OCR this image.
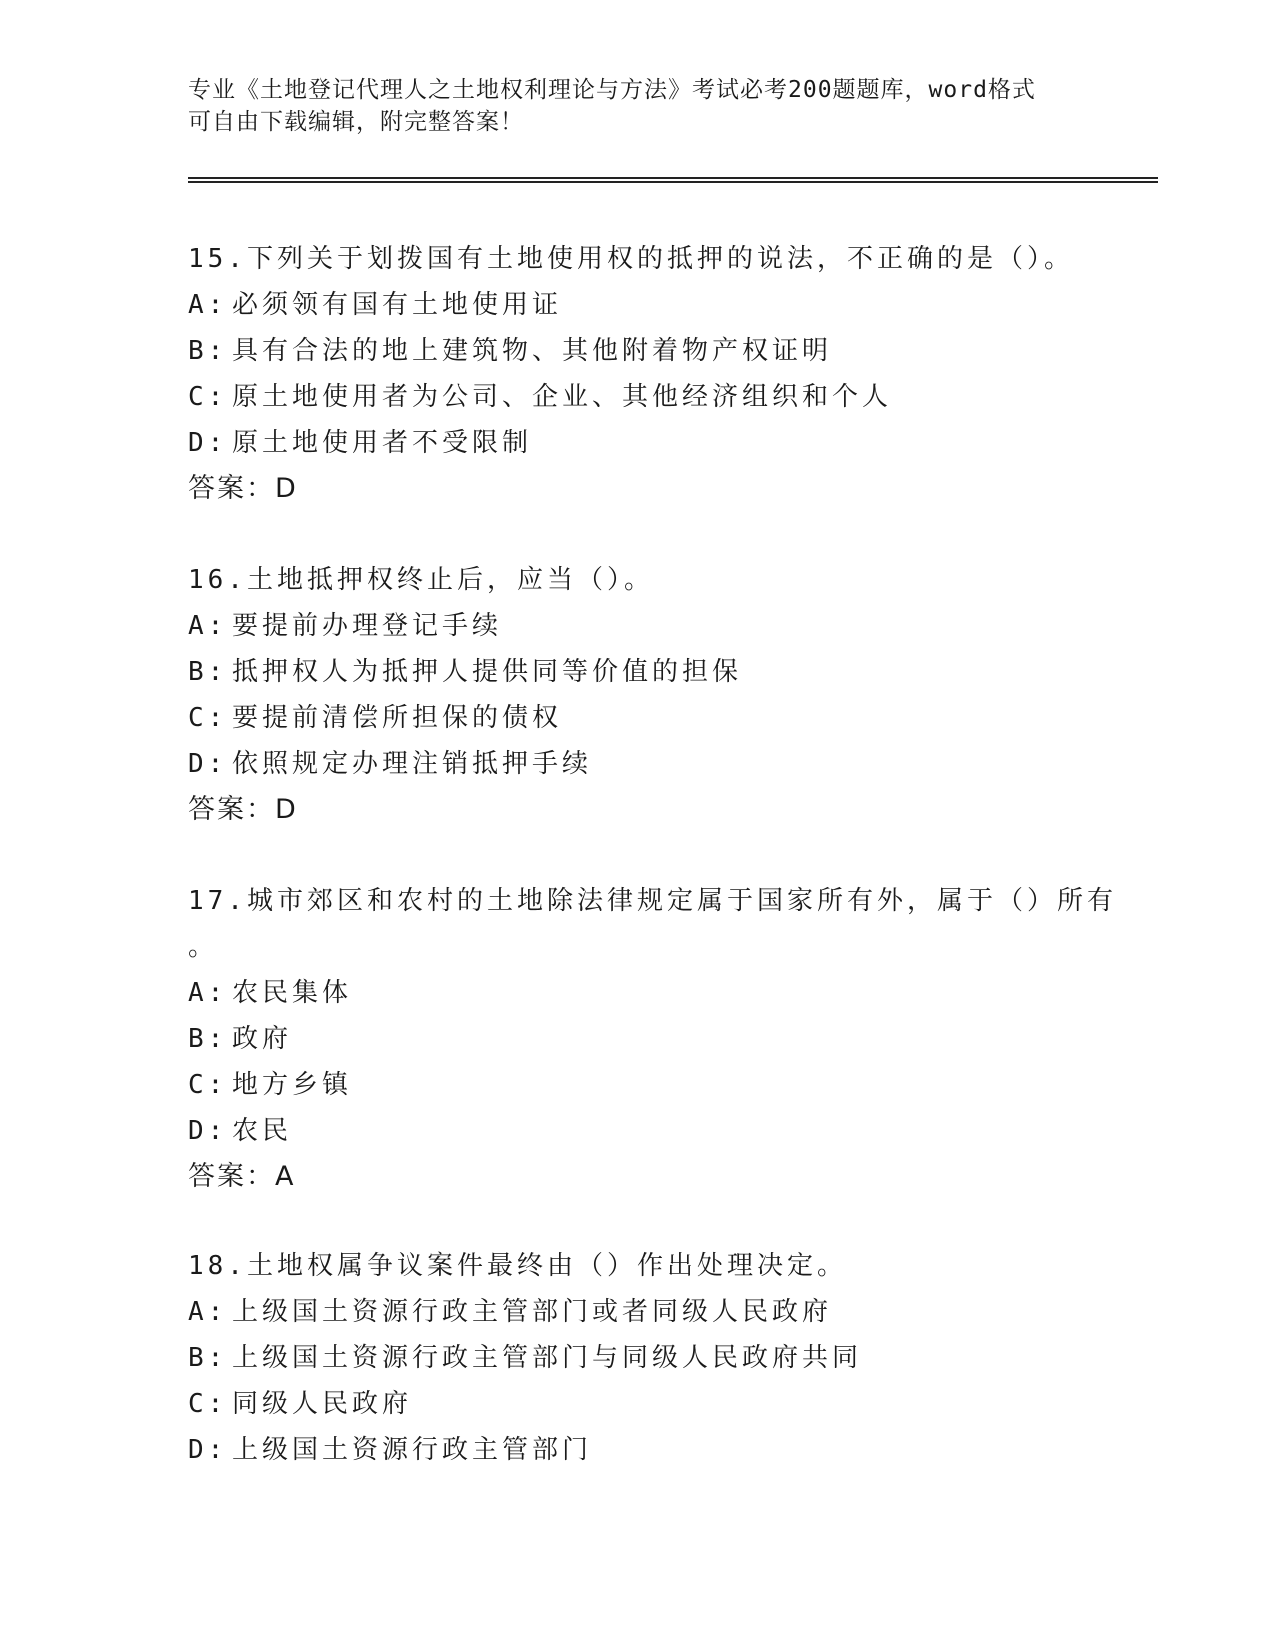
专业《土地登记代理人之土地权利理论与方法》考试必考200题题库，word格式
可自由下载编辑，附完整答案！
15.下列关于划拨国有土地使用权的抵押的说法，不正确的是（）。
A: 必须领有国有土地使用证
B: 具有合法的地上建筑物、其他附着物产权证明
C: 原土地使用者为公司、企业、其他经济组织和个人
D: 原土地使用者不受限制
答案：D
16.土地抵押权终止后，应当（）。
A: 要提前办理登记手续
B: 抵押权人为抵押人提供同等价值的担保
C: 要提前清偿所担保的债权
D: 依照规定办理注销抵押手续
答案：D
17.城市郊区和农村的土地除法律规定属于国家所有外，属于（）所有
。
A: 农民集体
B: 政府
C: 地方乡镇
D: 农民
答案：A
18.土地权属争议案件最终由（）作出处理决定。
A: 上级国土资源行政主管部门或者同级人民政府
B: 上级国土资源行政主管部门与同级人民政府共同
C: 同级人民政府
D: 上级国土资源行政主管部门
